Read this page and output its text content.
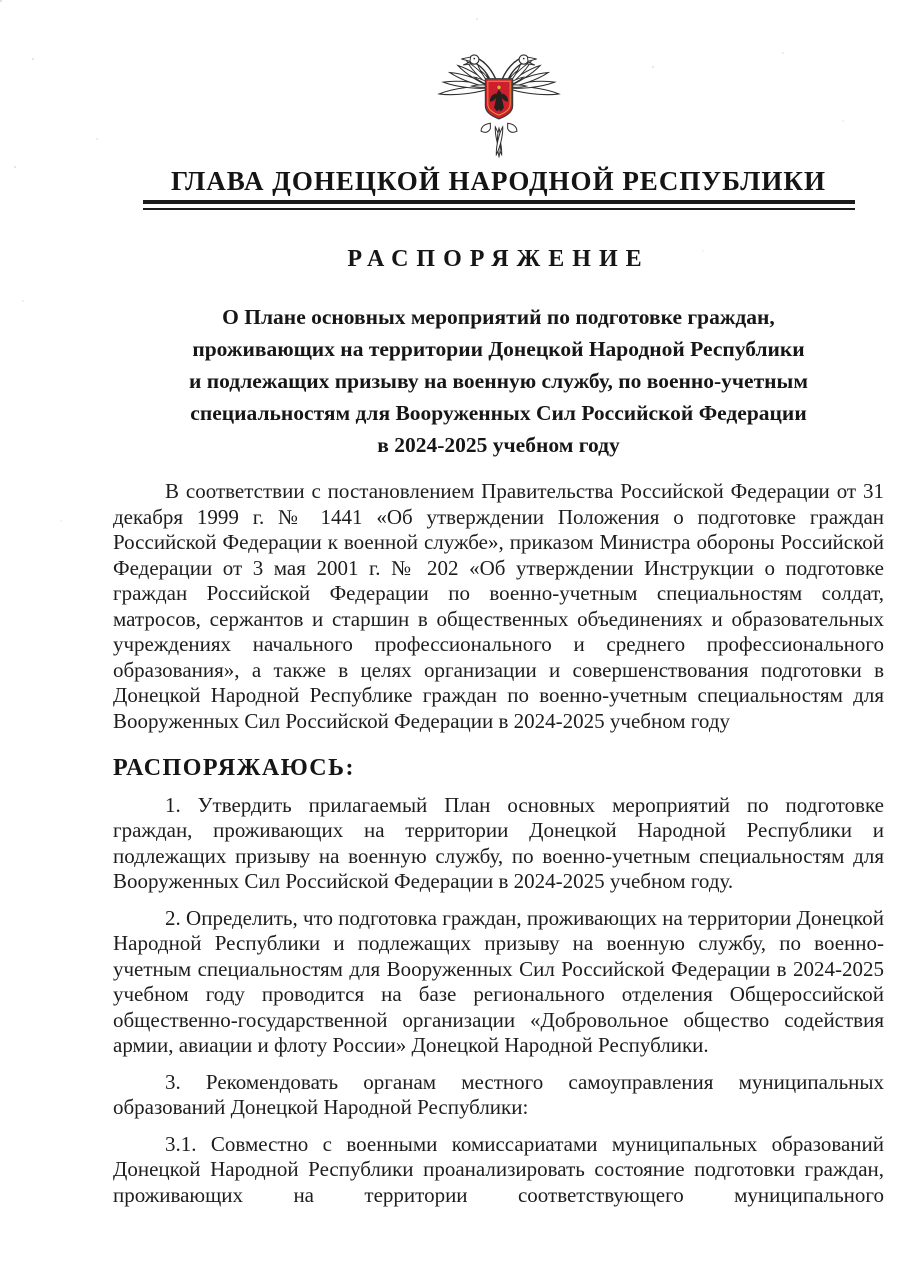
ГЛАВА ДОНЕЦКОЙ НАРОДНОЙ РЕСПУБЛИКИ
РАСПОРЯЖЕНИЕ
О Плане основных мероприятий по подготовке граждан,
проживающих на территории Донецкой Народной Республики
и подлежащих призыву на военную службу, по военно-учетным
специальностям для Вооруженных Сил Российской Федерации
в 2024-2025 учебном году

В соответствии с постановлением Правительства Российской Федерации от 31 декабря 1999 г. № 1441 «Об утверждении Положения о подготовке граждан Российской Федерации к военной службе», приказом Министра обороны Российской Федерации от 3 мая 2001 г. № 202 «Об утверждении Инструкции о подготовке граждан Российской Федерации по военно-учетным специальностям солдат, матросов, сержантов и старшин в общественных объединениях и образовательных учреждениях начального профессионального и среднего профессионального образования», а также в целях организации и совершенствования подготовки в Донецкой Народной Республике граждан по военно-учетным специальностям для Вооруженных Сил Российской Федерации в 2024-2025 учебном году

РАСПОРЯЖАЮСЬ:

1. Утвердить прилагаемый План основных мероприятий по подготовке граждан, проживающих на территории Донецкой Народной Республики и подлежащих призыву на военную службу, по военно-учетным специальностям для Вооруженных Сил Российской Федерации в 2024-2025 учебном году.

2. Определить, что подготовка граждан, проживающих на территории Донецкой Народной Республики и подлежащих призыву на военную службу, по военно-учетным специальностям для Вооруженных Сил Российской Федерации в 2024-2025 учебном году проводится на базе регионального отделения Общероссийской общественно-государственной организации «Добровольное общество содействия армии, авиации и флоту России» Донецкой Народной Республики.

3. Рекомендовать органам местного самоуправления муниципальных образований Донецкой Народной Республики:

3.1. Совместно с военными комиссариатами муниципальных образований Донецкой Народной Республики проанализировать состояние подготовки граждан, проживающих на территории соответствующего муниципального
